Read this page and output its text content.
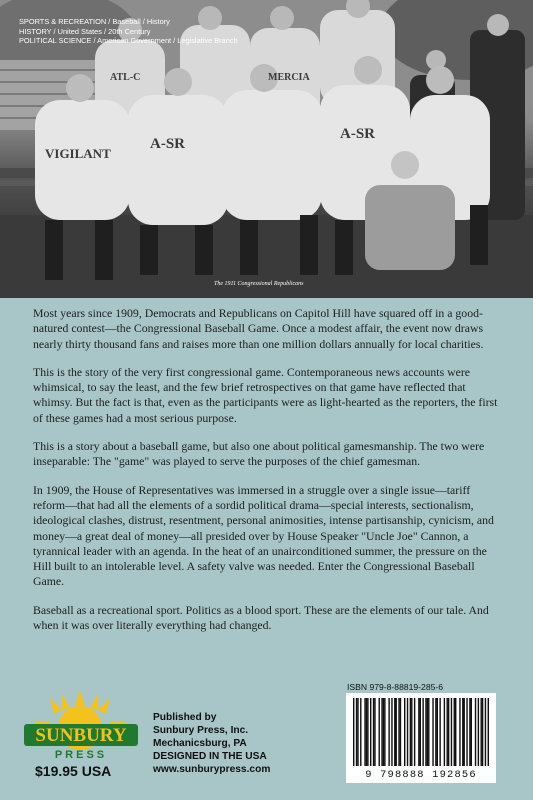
VIGILANT
A-SR
A-SR
MERCIA
ATL-C
SPORTS & RECREATION / Baseball / History
HISTORY / United States / 20th Century
POLITICAL SCIENCE / American Government / Legislative Branch
The 1911 Congressional Republicans

Most years since 1909, Democrats and Republicans on Capitol Hill have squared off in a good-natured contest—the Congressional Baseball Game. Once a modest affair, the event now draws nearly thirty thousand fans and raises more than one million dollars annually for local charities.

This is the story of the very first congressional game. Contemporaneous news accounts were whimsical, to say the least, and the few brief retrospectives on that game have reflected that whimsy. But the fact is that, even as the participants were as light-hearted as the reporters, the first of these games had a most serious purpose.

This is a story about a baseball game, but also one about political gamesmanship. The two were inseparable: The "game" was played to serve the purposes of the chief gamesman.

In 1909, the House of Representatives was immersed in a struggle over a single issue—tariff reform—that had all the elements of a sordid political drama—special interests, sectionalism, ideological clashes, distrust, resentment, personal animosities, intense partisanship, cynicism, and money—a great deal of money—all presided over by House Speaker "Uncle Joe" Cannon, a tyrannical leader with an agenda. In the heat of an unairconditioned summer, the pressure on the Hill built to an intolerable level. A safety valve was needed. Enter the Congressional Baseball Game.

Baseball as a recreational sport. Politics as a blood sport. These are the elements of our tale. And when it was over literally everything had changed.

SUNBURY
PRESS
$19.95 USA
Published by
Sunbury Press, Inc.
Mechanicsburg, PA
DESIGNED IN THE USA
www.sunburypress.com
ISBN 979-8-88819-285-6
9 798888 192856
